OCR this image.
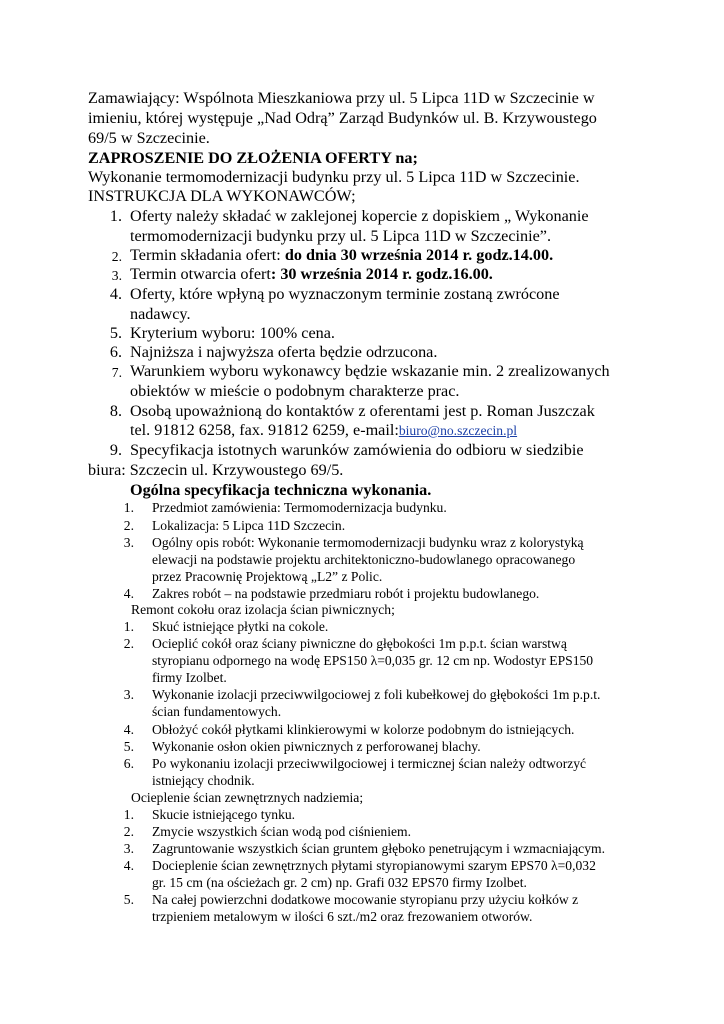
Zamawiający: Wspólnota Mieszkaniowa przy ul. 5 Lipca 11D w Szczecinie w
imieniu, której występuje „Nad Odrą” Zarząd Budynków ul. B. Krzywoustego
69/5 w Szczecinie.
ZAPROSZENIE DO ZŁOŻENIA OFERTY na;
Wykonanie termomodernizacji budynku przy ul. 5 Lipca 11D w Szczecinie.
INSTRUKCJA DLA WYKONAWCÓW;
1. Oferty należy składać w zaklejonej kopercie z dopiskiem „ Wykonanie
termomodernizacji budynku przy ul. 5 Lipca 11D w Szczecinie”.
2. Termin składania ofert: do dnia 30 września 2014 r. godz.14.00.
3. Termin otwarcia ofert: 30 września 2014 r. godz.16.00.
4. Oferty, które wpłyną po wyznaczonym terminie zostaną zwrócone
nadawcy.
5. Kryterium wyboru: 100% cena.
6. Najniższa i najwyższa oferta będzie odrzucona.
7. Warunkiem wyboru wykonawcy będzie wskazanie min. 2 zrealizowanych
obiektów w mieście o podobnym charakterze prac.
8. Osobą upoważnioną do kontaktów z oferentami jest p. Roman Juszczak
tel. 91812 6258, fax. 91812 6259, e-mail:biuro@no.szczecin.pl
9. Specyfikacja istotnych warunków zamówienia do odbioru w siedzibie
biura: Szczecin ul. Krzywoustego 69/5.
Ogólna specyfikacja techniczna wykonania.
1. Przedmiot zamówienia: Termomodernizacja budynku.
2. Lokalizacja: 5 Lipca 11D Szczecin.
3. Ogólny opis robót: Wykonanie termomodernizacji budynku wraz z kolorystyką
elewacji na podstawie projektu architektoniczno-budowlanego opracowanego
przez Pracownię Projektową „L2” z Polic.
4. Zakres robót – na podstawie przedmiaru robót i projektu budowlanego.
Remont cokołu oraz izolacja ścian piwnicznych;
1. Skuć istniejące płytki na cokole.
2. Ocieplić cokół oraz ściany piwniczne do głębokości 1m p.p.t. ścian warstwą
styropianu odpornego na wodę EPS150 λ=0,035 gr. 12 cm np. Wodostyr EPS150
firmy Izolbet.
3. Wykonanie izolacji przeciwwilgociowej z foli kubełkowej do głębokości 1m p.p.t.
ścian fundamentowych.
4. Obłożyć cokół płytkami klinkierowymi w kolorze podobnym do istniejących.
5. Wykonanie osłon okien piwnicznych z perforowanej blachy.
6. Po wykonaniu izolacji przeciwwilgociowej i termicznej ścian należy odtworzyć
istniejący chodnik.
Ocieplenie ścian zewnętrznych nadziemia;
1. Skucie istniejącego tynku.
2. Zmycie wszystkich ścian wodą pod ciśnieniem.
3. Zagruntowanie wszystkich ścian gruntem głęboko penetrującym i wzmacniającym.
4. Docieplenie ścian zewnętrznych płytami styropianowymi szarym EPS70 λ=0,032
gr. 15 cm (na ościeżach gr. 2 cm) np. Grafi 032 EPS70 firmy Izolbet.
5. Na całej powierzchni dodatkowe mocowanie styropianu przy użyciu kołków z
trzpieniem metalowym w ilości 6 szt./m2 oraz frezowaniem otworów.
